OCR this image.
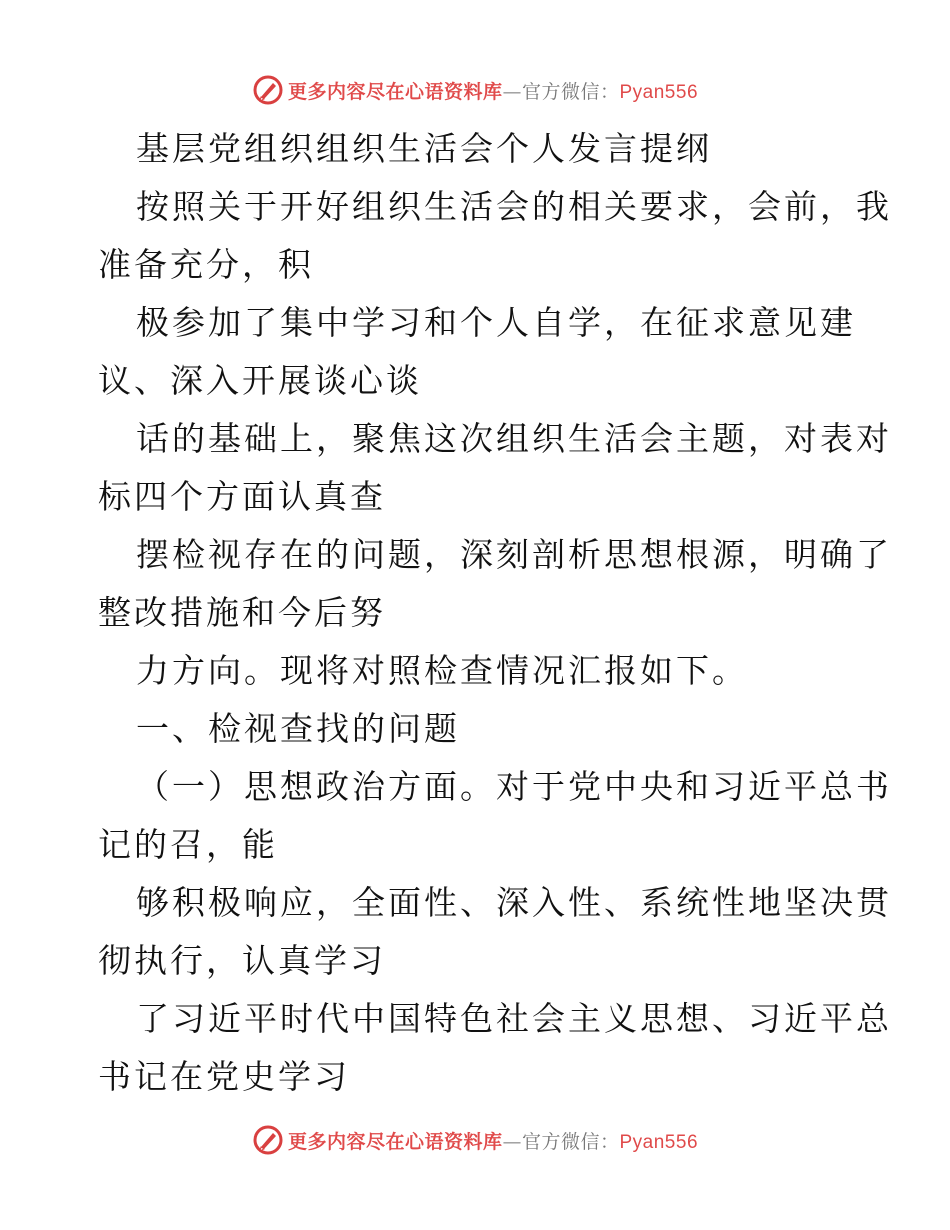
更多内容尽在心语资料库—官方微信：Pyan556
基层党组织组织生活会个人发言提纲
按照关于开好组织生活会的相关要求，会前，我
准备充分，积
极参加了集中学习和个人自学，在征求意见建
议、深入开展谈心谈
话的基础上，聚焦这次组织生活会主题，对表对
标四个方面认真查
摆检视存在的问题，深刻剖析思想根源，明确了
整改措施和今后努
力方向。现将对照检查情况汇报如下。
一、检视查找的问题
（一）思想政治方面。对于党中央和习近平总书
记的召，能
够积极响应，全面性、深入性、系统性地坚决贯
彻执行，认真学习
了习近平时代中国特色社会主义思想、习近平总
书记在党史学习
更多内容尽在心语资料库—官方微信：Pyan556
